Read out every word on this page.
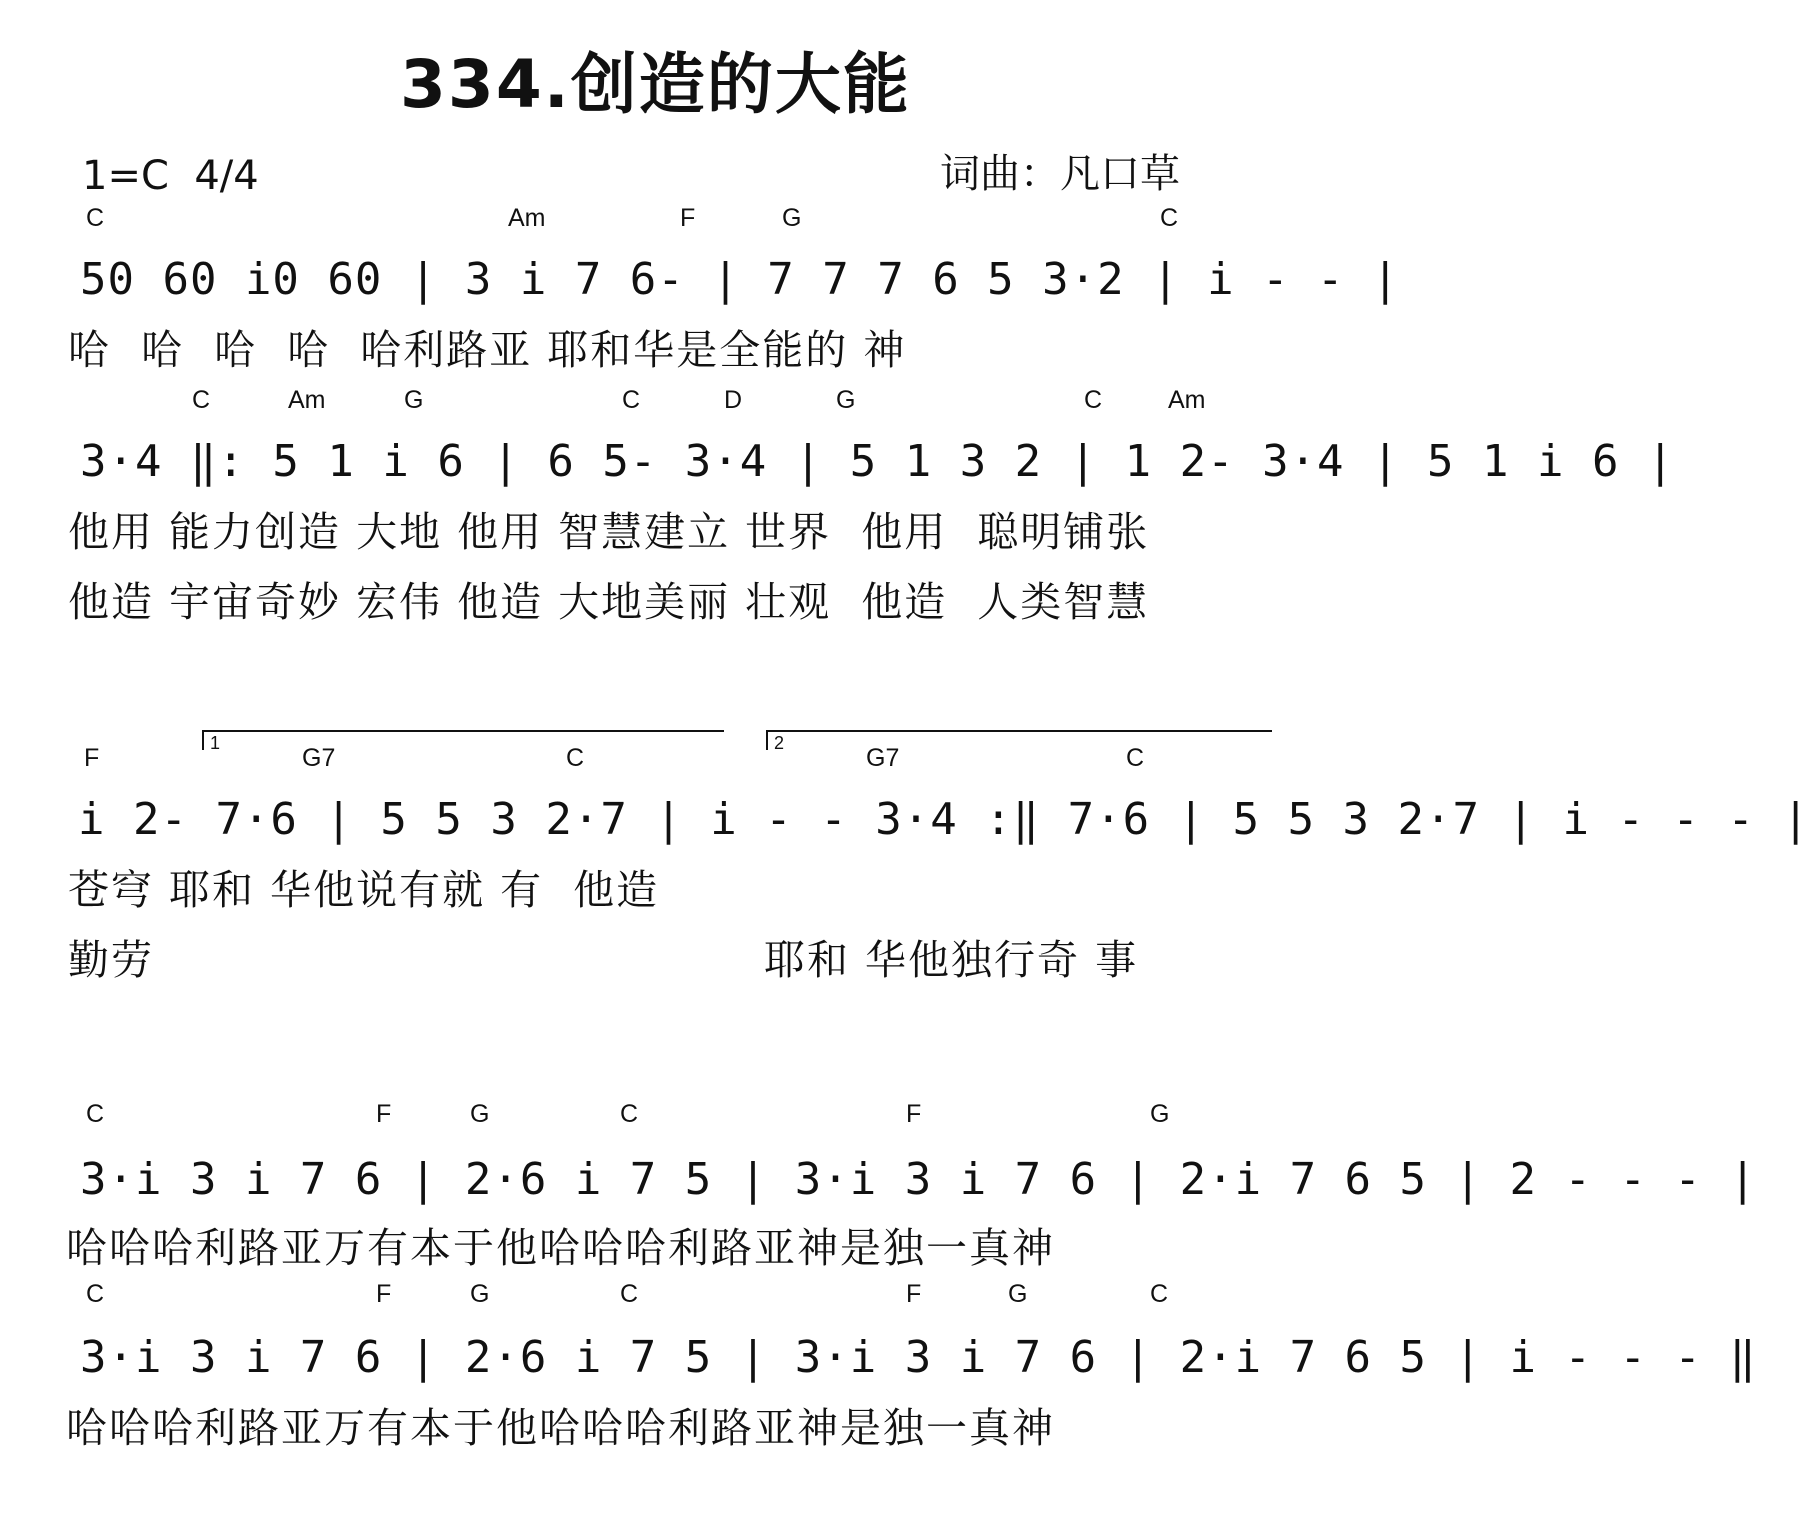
334.创造的大能
1=C  4/4	词曲：凡口草
C	Am	F	G	C
50 60 i0 60 | 3 i 7 6- | 7 7 7 6 5 3·2 | i - - |
哈  哈  哈  哈  哈利路亚 耶和华是全能的 神
C	Am	G	C	D	G	C	Am
3·4 ‖: 5 1 i 6 | 6 5- 3·4 | 5 1 3 2 | 1 2- 3·4 | 5 1 i 6 |
他用 能力创造 大地 他用 智慧建立 世界  他用  聪明铺张
他造 宇宙奇妙 宏伟 他造 大地美丽 壮观  他造  人类智慧
1	2
F	G7	C	G7	C
i 2- 7·6 | 5 5 3 2·7 | i - - 3·4 :‖ 7·6 | 5 5 3 2·7 | i - - - |
苍穹 耶和 华他说有就 有  他造
勤劳	耶和 华他独行奇 事
C	F	G	C	F	G
3·i 3 i 7 6 | 2·6 i 7 5 | 3·i 3 i 7 6 | 2·i 7 6 5 | 2 - - - |
哈哈哈利路亚万有本于他哈哈哈利路亚神是独一真神
C	F	G	C	F	G	C
3·i 3 i 7 6 | 2·6 i 7 5 | 3·i 3 i 7 6 | 2·i 7 6 5 | i - - - ‖
哈哈哈利路亚万有本于他哈哈哈利路亚神是独一真神
